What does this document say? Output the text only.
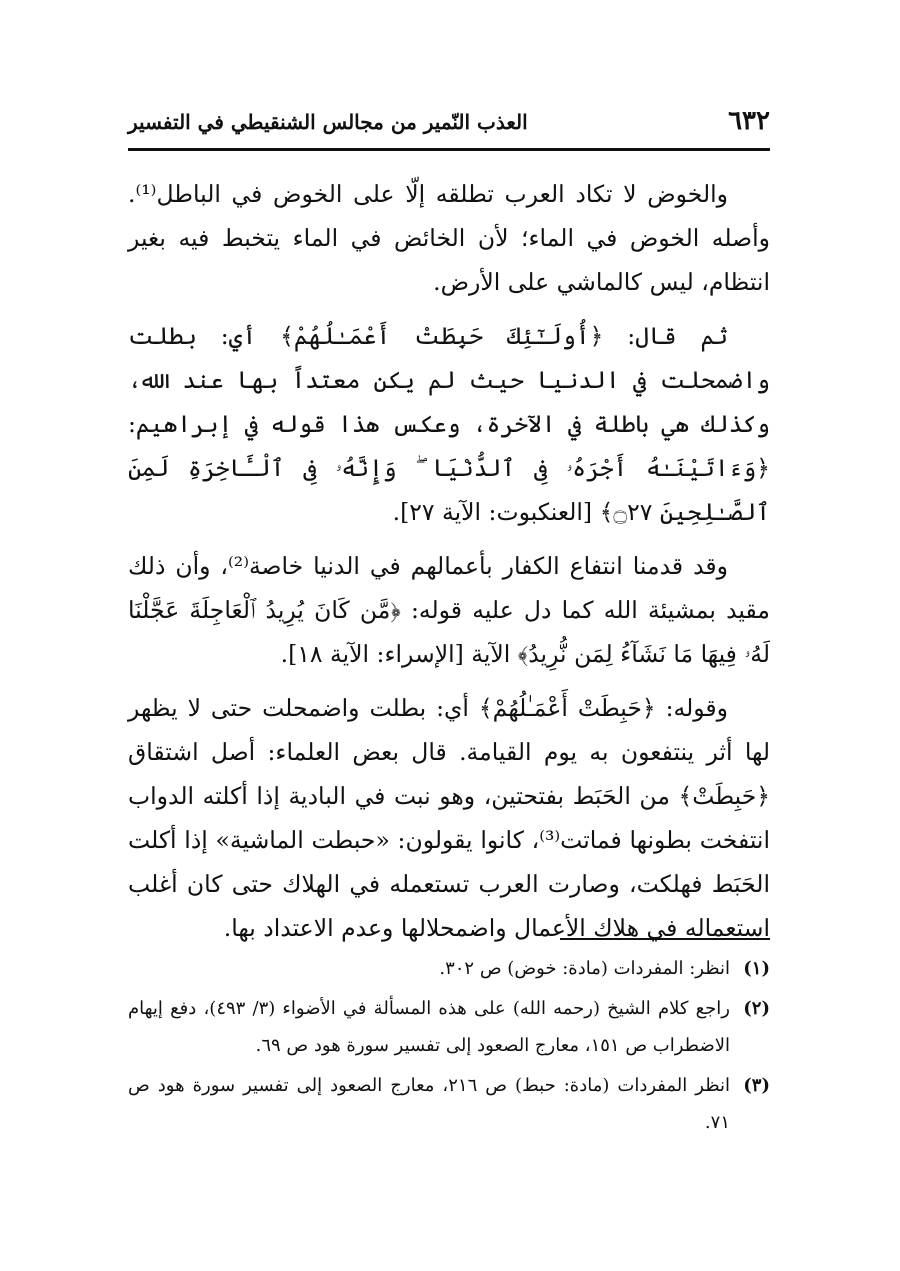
٦٣٢
العذب النّمير من مجالس الشنقيطي في التفسير

والخوض لا تكاد العرب تطلقه إلّا على الخوض في الباطل⁽¹⁾. وأصله الخوض في الماء؛ لأن الخائض في الماء يتخبط فيه بغير انتظام، ليس كالماشي على الأرض.

ثم قال: ﴿أُولَـٰٓئِكَ حَبِطَتْ أَعْمَـٰلُهُمْ﴾ أي: بطلت واضمحلت في الدنيا حيث لم يكن معتداً بها عند الله، وكذلك هي باطلة في الآخرة، وعكس هذا قوله في إبراهيم: ﴿وَءَاتَيْنَـٰهُ أَجْرَهُۥ فِى ٱلدُّنْيَا ۖ وَإِنَّهُۥ فِى ٱلْـَٔاخِرَةِ لَمِنَ ٱلصَّـٰلِحِينَ ۝٢٧﴾ [العنكبوت: الآية ٢٧].

وقد قدمنا انتفاع الكفار بأعمالهم في الدنيا خاصة⁽²⁾، وأن ذلك مقيد بمشيئة الله كما دل عليه قوله: ﴿مَّن كَانَ يُرِيدُ ٱلْعَاجِلَةَ عَجَّلْنَا لَهُۥ فِيهَا مَا نَشَآءُ لِمَن نُّرِيدُ﴾ الآية [الإسراء: الآية ١٨].

وقوله: ﴿حَبِطَتْ أَعْمَـٰلُهُمْ﴾ أي: بطلت واضمحلت حتى لا يظهر لها أثر ينتفعون به يوم القيامة. قال بعض العلماء: أصل اشتقاق ﴿حَبِطَتْ﴾ من الحَبَط بفتحتين، وهو نبت في البادية إذا أكلته الدواب انتفخت بطونها فماتت⁽³⁾، كانوا يقولون: «حبطت الماشية» إذا أكلت الحَبَط فهلكت، وصارت العرب تستعمله في الهلاك حتى كان أغلب استعماله في هلاك الأعمال واضمحلالها وعدم الاعتداد بها.

(١)
انظر: المفردات (مادة: خوض) ص ٣٠٢.
(٢)
راجع كلام الشيخ (رحمه الله) على هذه المسألة في الأضواء (٣/ ٤٩٣)، دفع إيهام الاضطراب ص ١٥١، معارج الصعود إلى تفسير سورة هود ص ٦٩.
(٣)
انظر المفردات (مادة: حبط) ص ٢١٦، معارج الصعود إلى تفسير سورة هود ص ٧١.
